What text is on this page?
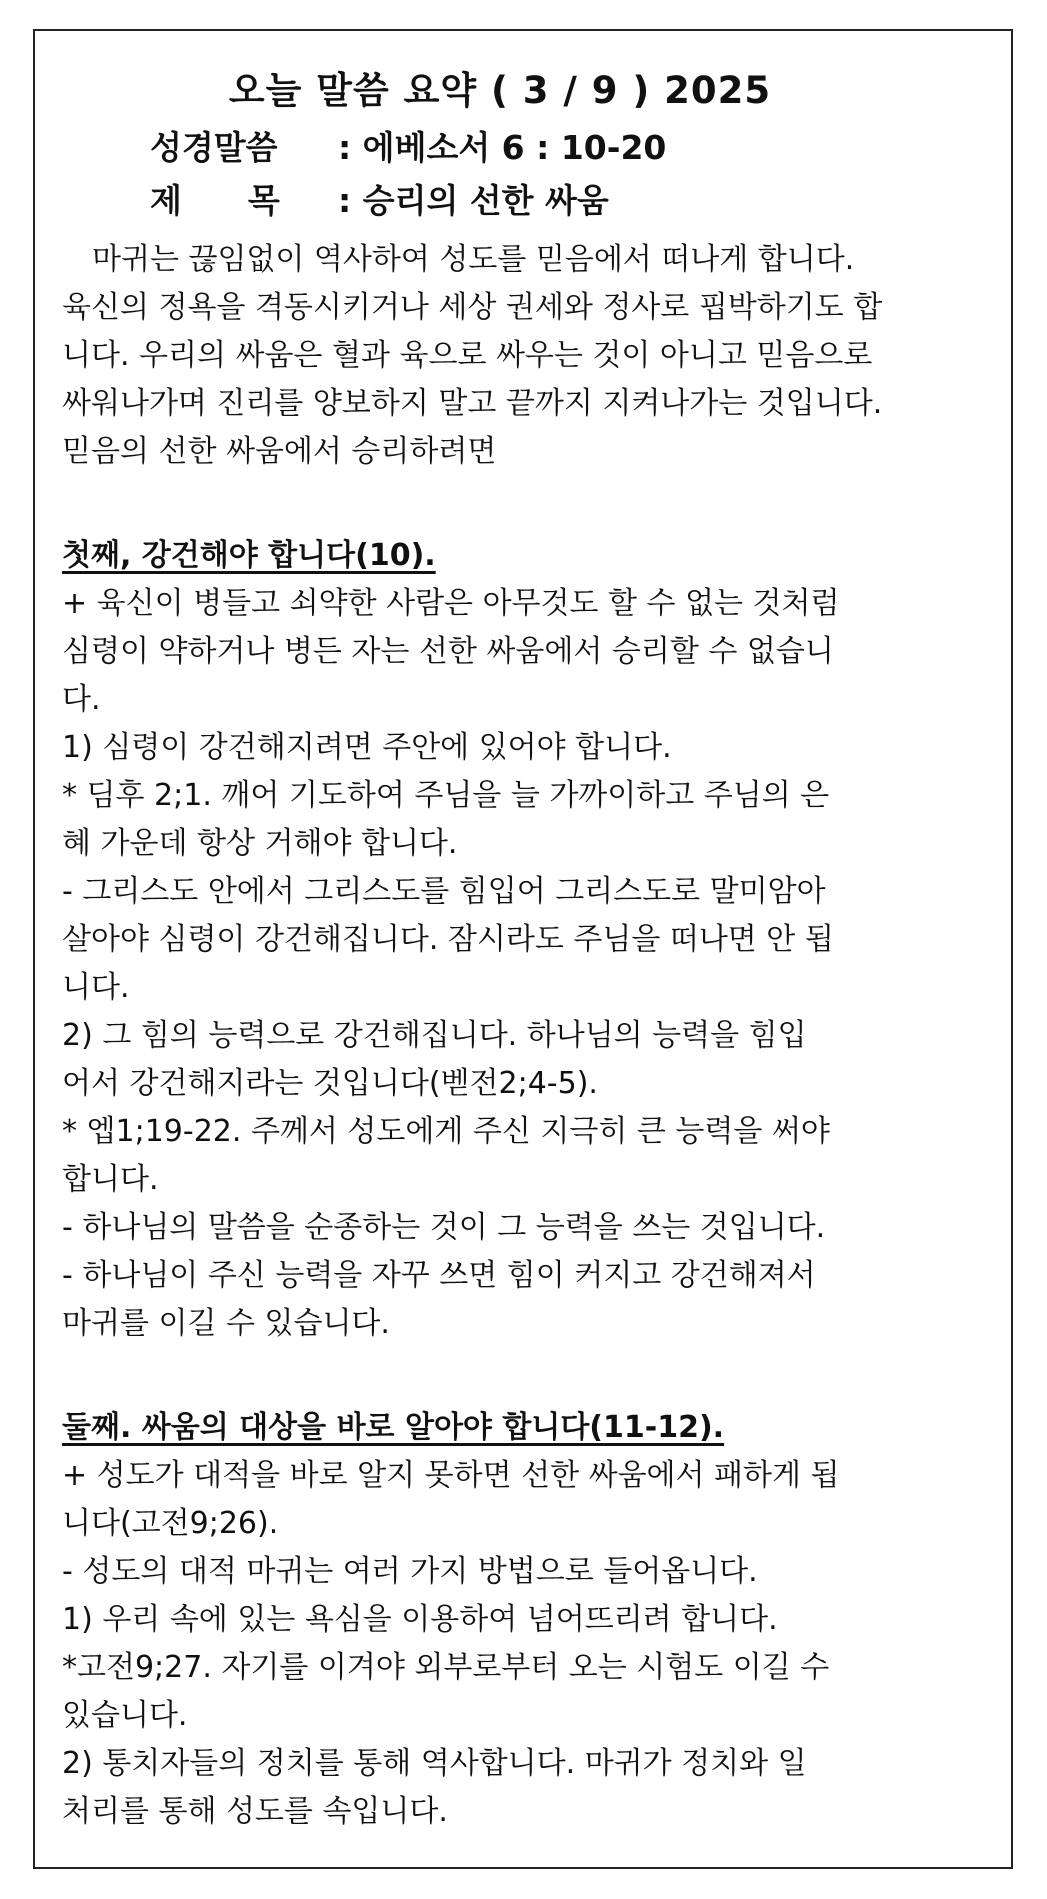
오늘 말씀 요약 ( 3 / 9 ) 2025
성경말씀 : 에베소서 6 : 10-20
제　　목 : 승리의 선한 싸움
　마귀는 끊임없이 역사하여 성도를 믿음에서 떠나게 합니다.
육신의 정욕을 격동시키거나 세상 권세와 정사로 핍박하기도 합
니다. 우리의 싸움은 혈과 육으로 싸우는 것이 아니고 믿음으로
싸워나가며 진리를 양보하지 말고 끝까지 지켜나가는 것입니다.
믿음의 선한 싸움에서 승리하려면
첫째, 강건해야 합니다(10).
+ 육신이 병들고 쇠약한 사람은 아무것도 할 수 없는 것처럼
심령이 약하거나 병든 자는 선한 싸움에서 승리할 수 없습니
다.
1) 심령이 강건해지려면 주안에 있어야 합니다.
* 딤후 2;1. 깨어 기도하여 주님을 늘 가까이하고 주님의 은
혜 가운데 항상 거해야 합니다.
- 그리스도 안에서 그리스도를 힘입어 그리스도로 말미암아
살아야 심령이 강건해집니다. 잠시라도 주님을 떠나면 안 됩
니다.
2) 그 힘의 능력으로 강건해집니다. 하나님의 능력을 힘입
어서 강건해지라는 것입니다(벧전2;4-5).
* 엡1;19-22. 주께서 성도에게 주신 지극히 큰 능력을 써야
합니다.
- 하나님의 말씀을 순종하는 것이 그 능력을 쓰는 것입니다.
- 하나님이 주신 능력을 자꾸 쓰면 힘이 커지고 강건해져서
마귀를 이길 수 있습니다.
둘째. 싸움의 대상을 바로 알아야 합니다(11-12).
+ 성도가 대적을 바로 알지 못하면 선한 싸움에서 패하게 됩
니다(고전9;26).
- 성도의 대적 마귀는 여러 가지 방법으로 들어옵니다.
1) 우리 속에 있는 욕심을 이용하여 넘어뜨리려 합니다.
*고전9;27. 자기를 이겨야 외부로부터 오는 시험도 이길 수
있습니다.
2) 통치자들의 정치를 통해 역사합니다. 마귀가 정치와 일
처리를 통해 성도를 속입니다.
